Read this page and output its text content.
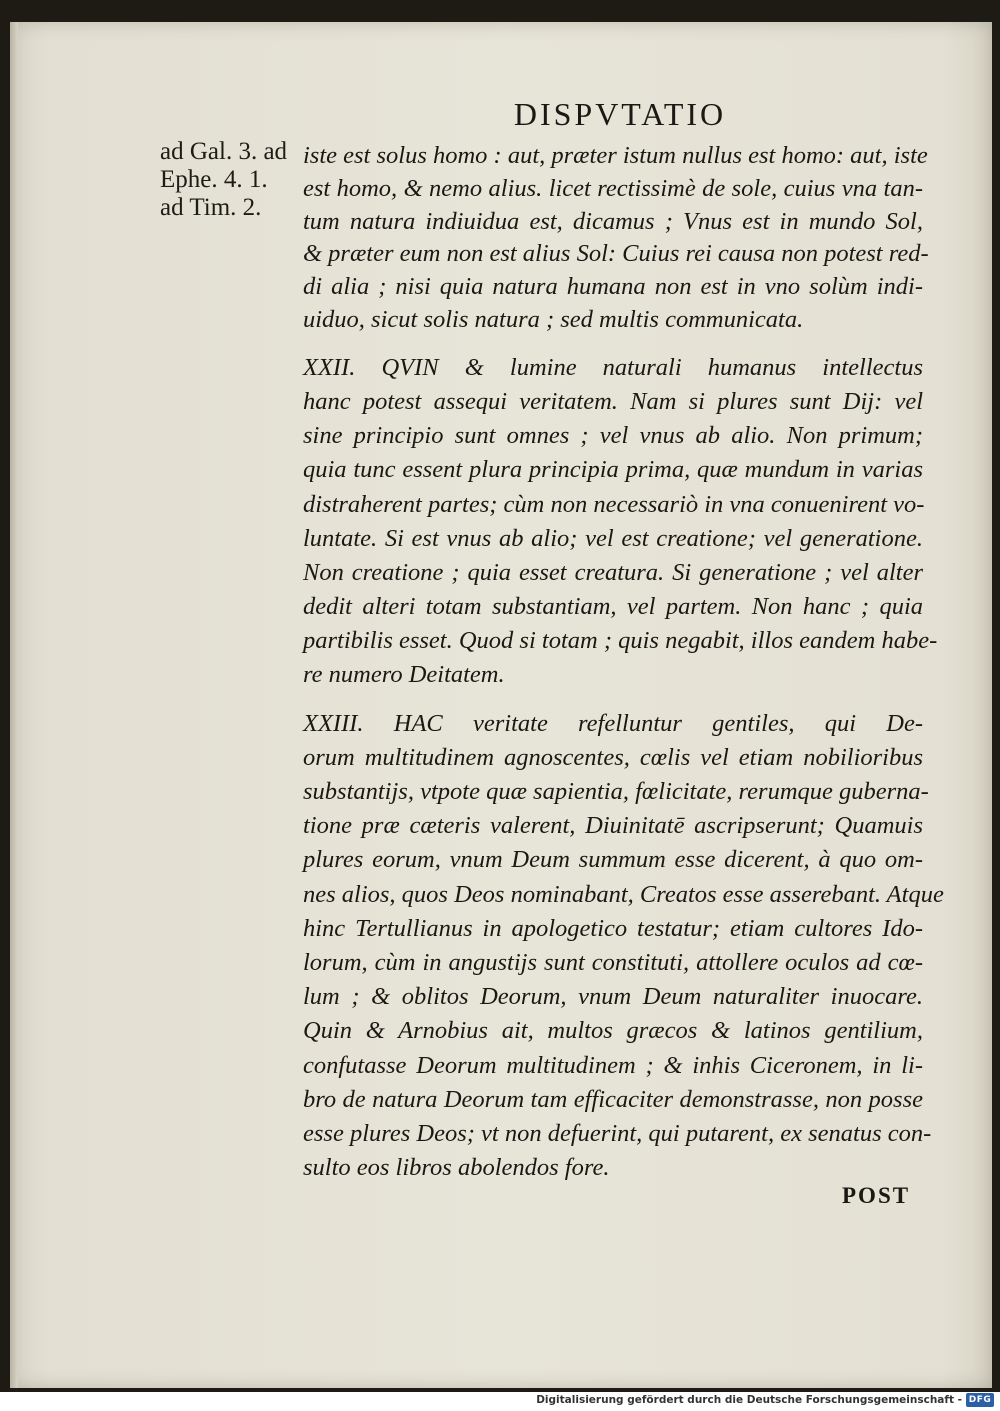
DISPVTATIO
ad Gal. 3. ad
Ephe. 4. 1.
ad Tim. 2.
iste est solus homo : aut, præter istum nullus est homo: aut, iste
est homo, & nemo alius. licet rectissimè de sole, cuius vna tan-
tum natura indiuidua est, dicamus ; Vnus est in mundo Sol,
& præter eum non est alius Sol: Cuius rei causa non potest red-
di alia ; nisi quia natura humana non est in vno solùm indi-
uiduo, sicut solis natura ; sed multis communicata.
XXII. QVIN & lumine naturali humanus intellectus
hanc potest assequi veritatem. Nam si plures sunt Dij: vel
sine principio sunt omnes ; vel vnus ab alio. Non primum;
quia tunc essent plura principia prima, quæ mundum in varias
distraherent partes; cùm non necessariò in vna conuenirent vo-
luntate. Si est vnus ab alio; vel est creatione; vel generatione.
Non creatione ; quia esset creatura. Si generatione ; vel alter
dedit alteri totam substantiam, vel partem. Non hanc ; quia
partibilis esset. Quod si totam ; quis negabit, illos eandem habe-
re numero Deitatem.
XXIII. HAC veritate refelluntur gentiles, qui De-
orum multitudinem agnoscentes, cœlis vel etiam nobilioribus
substantijs, vtpote quæ sapientia, fœlicitate, rerumque guberna-
tione præ cæteris valerent, Diuinitatē ascripserunt; Quamuis
plures eorum, vnum Deum summum esse dicerent, à quo om-
nes alios, quos Deos nominabant, Creatos esse asserebant. Atque
hinc Tertullianus in apologetico testatur; etiam cultores Ido-
lorum, cùm in angustijs sunt constituti, attollere oculos ad cœ-
lum ; & oblitos Deorum, vnum Deum naturaliter inuocare.
Quin & Arnobius ait, multos græcos & latinos gentilium,
confutasse Deorum multitudinem ; & inhis Ciceronem, in li-
bro de natura Deorum tam efficaciter demonstrasse, non posse
esse plures Deos; vt non defuerint, qui putarent, ex senatus con-
sulto eos libros abolendos fore.
POST
Digitalisierung gefördert durch die Deutsche Forschungsgemeinschaft - DFG
